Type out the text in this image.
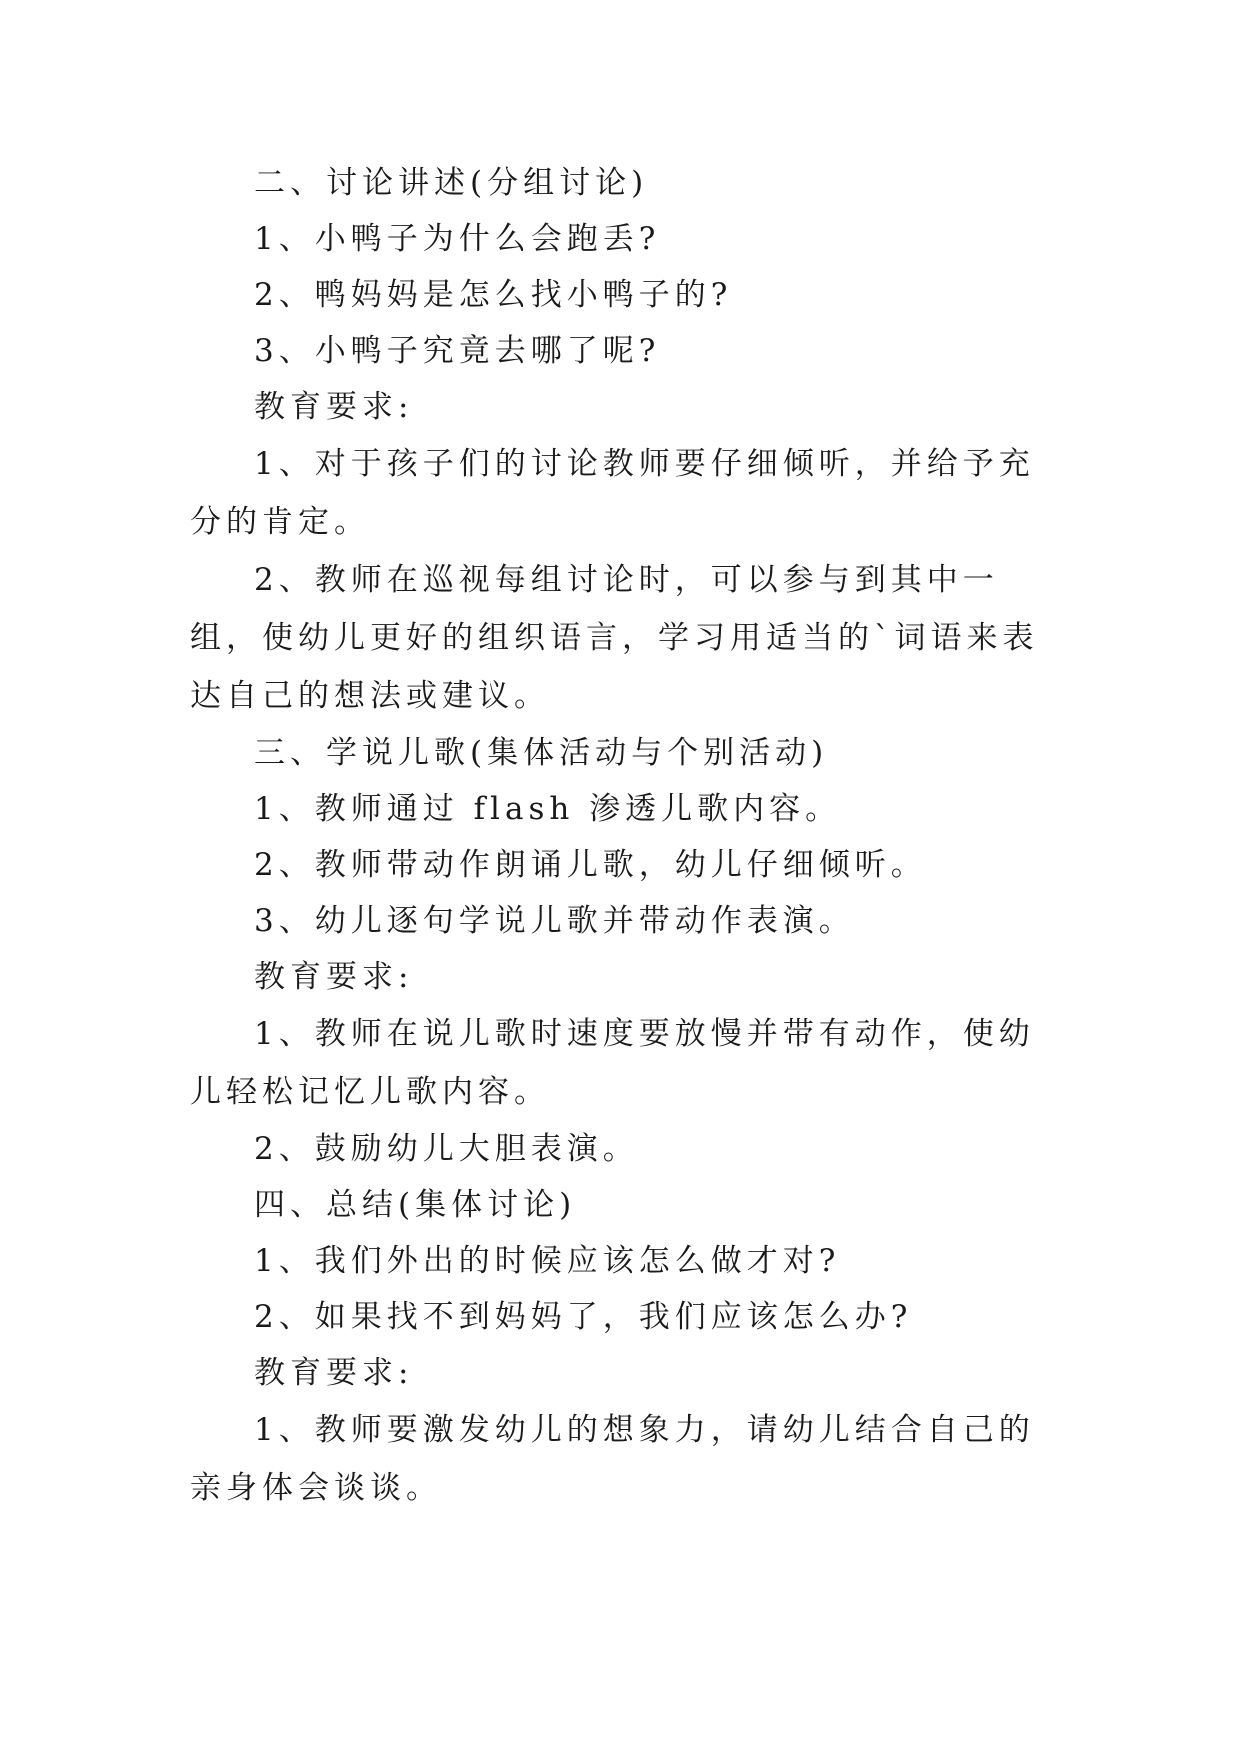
二、讨论讲述(分组讨论)

1、小鸭子为什么会跑丢?

2、鸭妈妈是怎么找小鸭子的?

3、小鸭子究竟去哪了呢?

教育要求:

1、对于孩子们的讨论教师要仔细倾听，并给予充分的肯定。

2、教师在巡视每组讨论时，可以参与到其中一组，使幼儿更好的组织语言，学习用适当的`词语来表达自己的想法或建议。

三、学说儿歌(集体活动与个别活动)

1、教师通过 flash 渗透儿歌内容。

2、教师带动作朗诵儿歌，幼儿仔细倾听。

3、幼儿逐句学说儿歌并带动作表演。

教育要求:

1、教师在说儿歌时速度要放慢并带有动作，使幼儿轻松记忆儿歌内容。

2、鼓励幼儿大胆表演。

四、总结(集体讨论)

1、我们外出的时候应该怎么做才对?

2、如果找不到妈妈了，我们应该怎么办?

教育要求:

1、教师要激发幼儿的想象力，请幼儿结合自己的亲身体会谈谈。
